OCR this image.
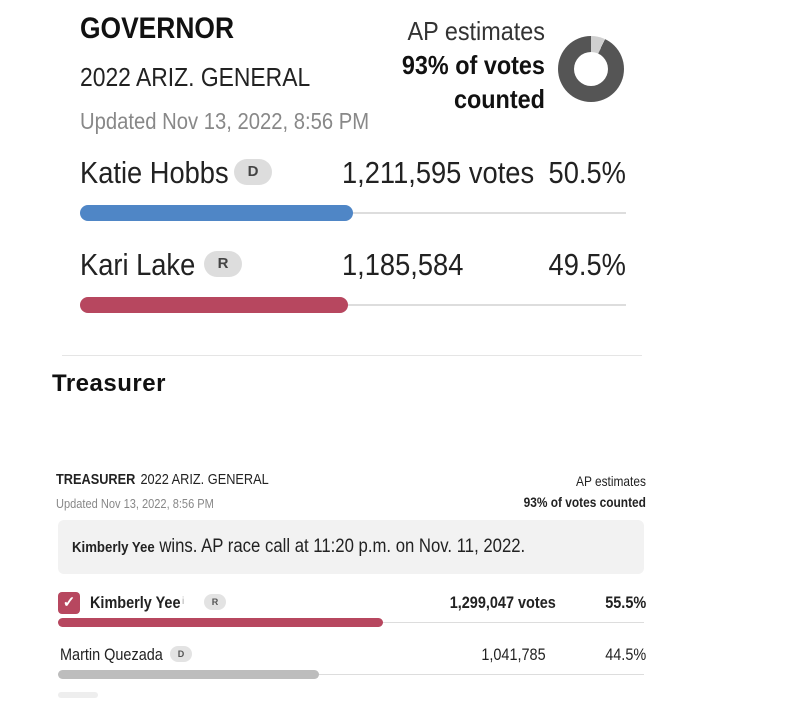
GOVERNOR
2022 ARIZ. GENERAL
Updated Nov 13, 2022, 8:56 PM
AP estimates
93% of votes
counted
Katie Hobbs	D	1,211,595 votes 50.5%
Kari Lake	R	1,185,584	49.5%
Treasurer
TREASURER 2022 ARIZ. GENERAL
Updated Nov 13, 2022, 8:56 PM
AP estimates
93% of votes counted
Kimberly Yee wins. AP race call at 11:20 p.m. on Nov. 11, 2022.
✓ Kimberly Yee i	R	1,299,047 votes	55.5%
Martin Quezada	D	1,041,785	44.5%
